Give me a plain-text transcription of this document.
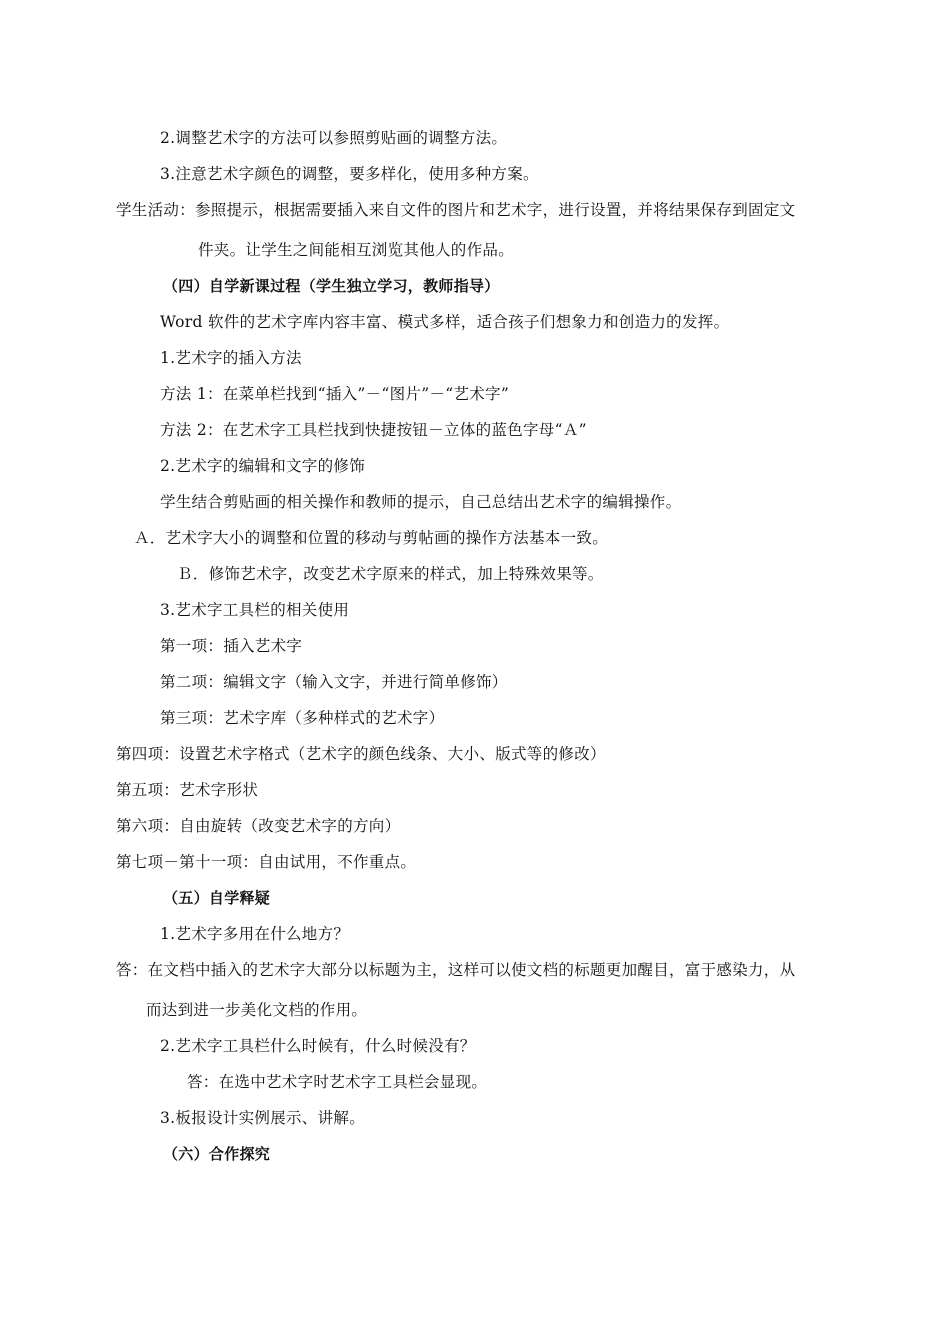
2.调整艺术字的方法可以参照剪贴画的调整方法。
3.注意艺术字颜色的调整，要多样化，使用多种方案。
学生活动：参照提示，根据需要插入来自文件的图片和艺术字，进行设置，并将结果保存到固定文
件夹。让学生之间能相互浏览其他人的作品。
（四）自学新课过程（学生独立学习，教师指导）
Word 软件的艺术字库内容丰富、模式多样，适合孩子们想象力和创造力的发挥。
1.艺术字的插入方法
方法 1：在菜单栏找到“插入”－“图片”－“艺术字”
方法 2：在艺术字工具栏找到快捷按钮－立体的蓝色字母“Ａ”
2.艺术字的编辑和文字的修饰
学生结合剪贴画的相关操作和教师的提示，自己总结出艺术字的编辑操作。
Ａ．艺术字大小的调整和位置的移动与剪帖画的操作方法基本一致。
Ｂ．修饰艺术字，改变艺术字原来的样式，加上特殊效果等。
3.艺术字工具栏的相关使用
第一项：插入艺术字
第二项：编辑文字（输入文字，并进行简单修饰）
第三项：艺术字库（多种样式的艺术字）
第四项：设置艺术字格式（艺术字的颜色线条、大小、版式等的修改）
第五项：艺术字形状
第六项：自由旋转（改变艺术字的方向）
第七项－第十一项：自由试用，不作重点。
（五）自学释疑
1.艺术字多用在什么地方？
答：在文档中插入的艺术字大部分以标题为主，这样可以使文档的标题更加醒目，富于感染力，从
而达到进一步美化文档的作用。
2.艺术字工具栏什么时候有，什么时候没有？
答：在选中艺术字时艺术字工具栏会显现。
3.板报设计实例展示、讲解。
（六）合作探究
